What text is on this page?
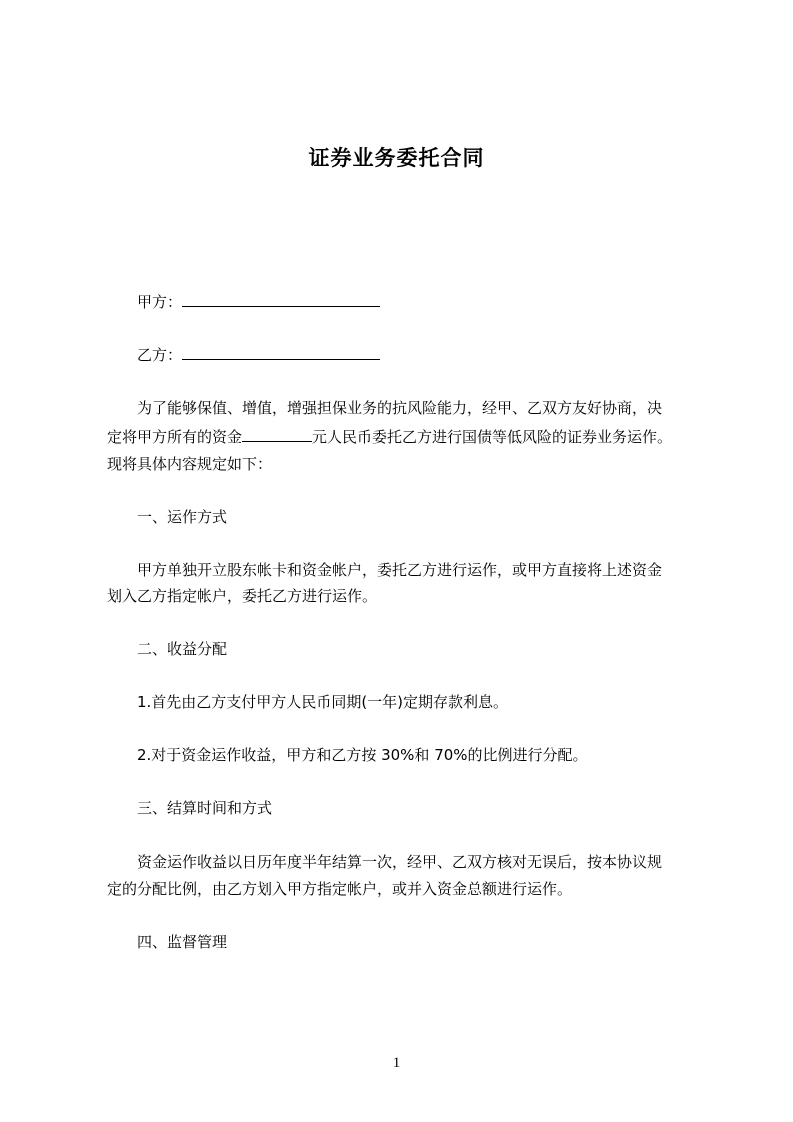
证券业务委托合同
甲方：
乙方：
为了能够保值、增值，增强担保业务的抗风险能力，经甲、乙双方友好协商，决
定将甲方所有的资金	元人民币委托乙方进行国债等低风险的证券业务运作。
现将具体内容规定如下：
一、运作方式
甲方单独开立股东帐卡和资金帐户，委托乙方进行运作，或甲方直接将上述资金
划入乙方指定帐户，委托乙方进行运作。
二、收益分配
1.首先由乙方支付甲方人民币同期(一年)定期存款利息。
2.对于资金运作收益，甲方和乙方按 30%和 70%的比例进行分配。
三、结算时间和方式
资金运作收益以日历年度半年结算一次，经甲、乙双方核对无误后，按本协议规
定的分配比例，由乙方划入甲方指定帐户，或并入资金总额进行运作。
四、监督管理
1
